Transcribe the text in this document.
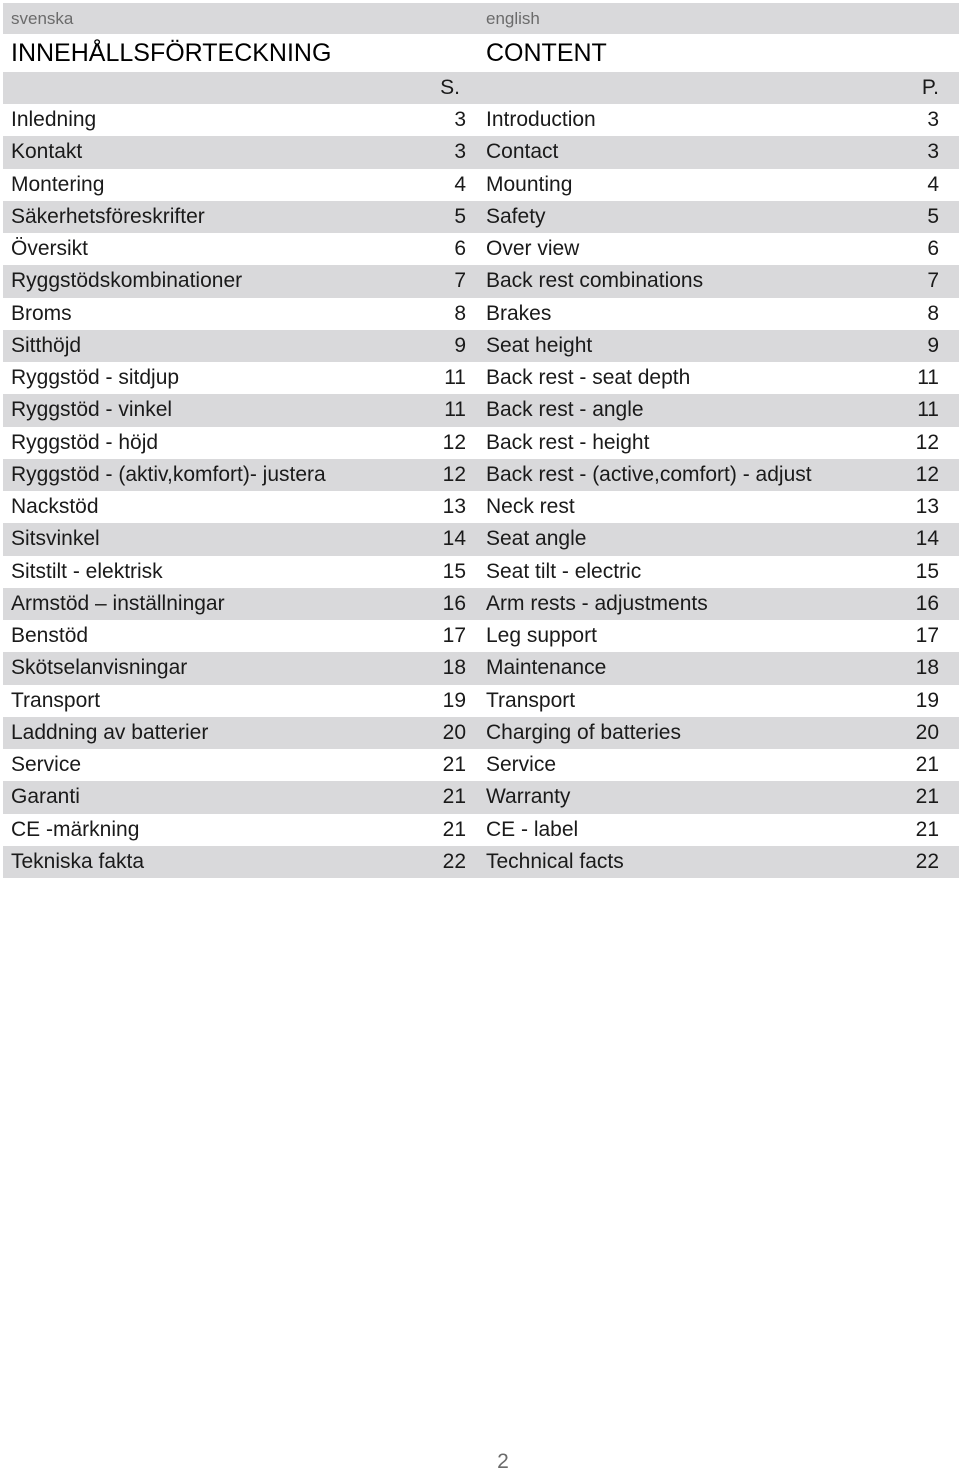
svenska		english	
INNEHÅLLSFÖRTECKNING		CONTENT	
	S.		P.
Inledning	3	Introduction	3
Kontakt	3	Contact	3
Montering	4	Mounting	4
Säkerhetsföreskrifter	5	Safety	5
Översikt	6	Over view	6
Ryggstödskombinationer	7	Back rest combinations	7
Broms	8	Brakes	8
Sitthöjd	9	Seat height	9
Ryggstöd - sitdjup	11	Back rest - seat depth	11
Ryggstöd - vinkel	11	Back rest - angle	11
Ryggstöd - höjd	12	Back rest - height	12
Ryggstöd - (aktiv,komfort)- justera	12	Back rest - (active,comfort) - adjust	12
Nackstöd	13	Neck rest	13
Sitsvinkel	14	Seat angle	14
Sitstilt - elektrisk	15	Seat tilt - electric	15
Armstöd – inställningar	16	Arm rests - adjustments	16
Benstöd	17	Leg support	17
Skötselanvisningar	18	Maintenance	18
Transport	19	Transport	19
Laddning av batterier	20	Charging of batteries	20
Service	21	Service	21
Garanti	21	Warranty	21
CE -märkning	21	CE - label	21
Tekniska fakta	22	Technical facts	22
2
